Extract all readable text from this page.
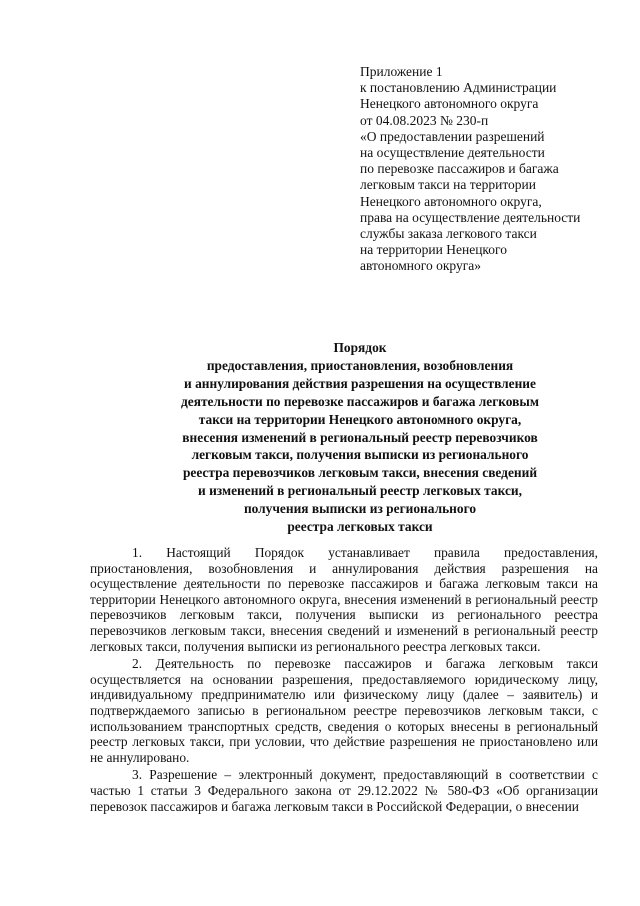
Приложение 1
к постановлению Администрации
Ненецкого автономного округа
от 04.08.2023 № 230-п
«О предоставлении разрешений
на осуществление деятельности
по перевозке пассажиров и багажа
легковым такси на территории
Ненецкого автономного округа,
права на осуществление деятельности
службы заказа легкового такси
на территории Ненецкого
автономного округа»
Порядок
предоставления, приостановления, возобновления
и аннулирования действия разрешения на осуществление
деятельности по перевозке пассажиров и багажа легковым
такси на территории Ненецкого автономного округа,
внесения изменений в региональный реестр перевозчиков
легковым такси, получения выписки из регионального
реестра перевозчиков легковым такси, внесения сведений
и изменений в региональный реестр легковых такси,
получения выписки из регионального
реестра легковых такси

1. Настоящий Порядок устанавливает правила предоставления, приостановления, возобновления и аннулирования действия разрешения на осуществление деятельности по перевозке пассажиров и багажа легковым такси на территории Ненецкого автономного округа, внесения изменений в региональный реестр перевозчиков легковым такси, получения выписки из регионального реестра перевозчиков легковым такси, внесения сведений и изменений в региональный реестр легковых такси, получения выписки из регионального реестра легковых такси.

2. Деятельность по перевозке пассажиров и багажа легковым такси осуществляется на основании разрешения, предоставляемого юридическому лицу, индивидуальному предпринимателю или физическому лицу (далее – заявитель) и подтверждаемого записью в региональном реестре перевозчиков легковым такси, с использованием транспортных средств, сведения о которых внесены в региональный реестр легковых такси, при условии, что действие разрешения не приостановлено или не аннулировано.

3. Разрешение – электронный документ, предоставляющий в соответствии с частью 1 статьи 3 Федерального закона от 29.12.2022 № 580-ФЗ «Об организации перевозок пассажиров и багажа легковым такси в Российской Федерации, о внесении
